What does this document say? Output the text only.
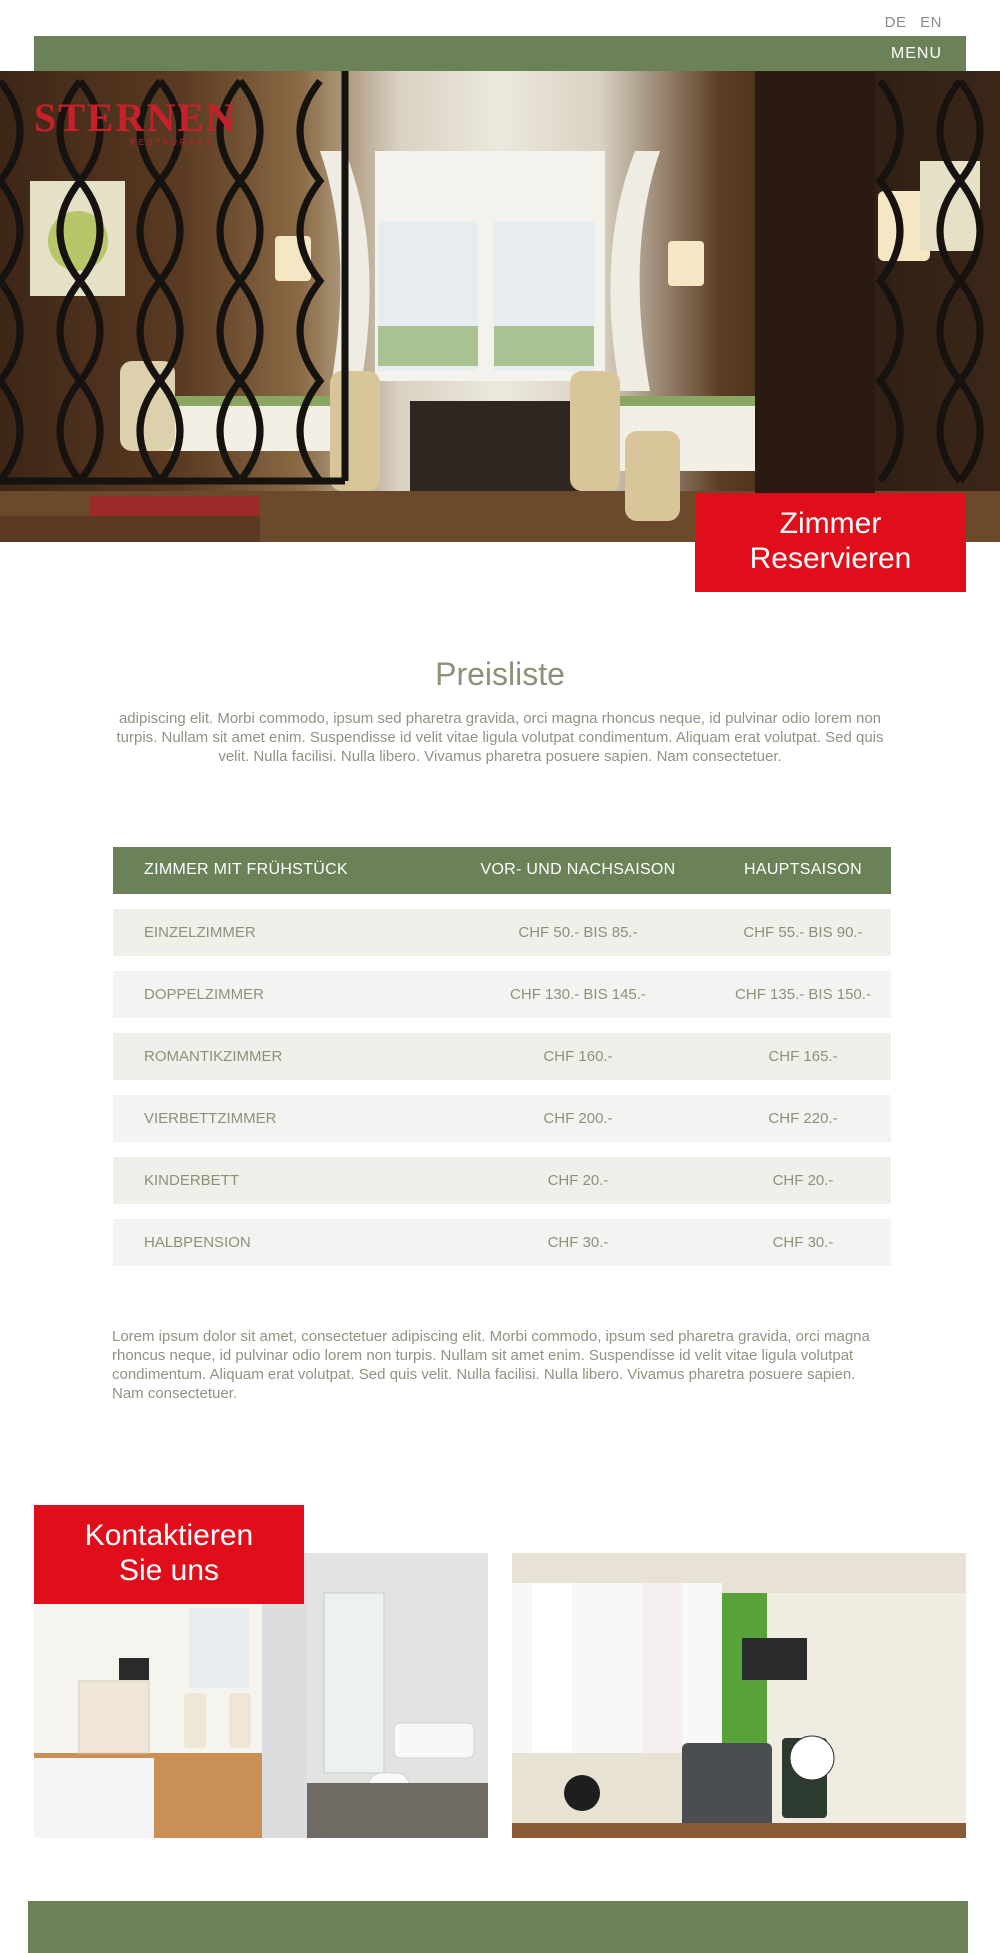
DE EN
MENU
STERNEN
RESTAURANT
Zimmer
Reservieren
Preisliste

adipiscing elit. Morbi commodo, ipsum sed pharetra gravida, orci magna rhoncus neque, id pulvinar odio lorem non turpis. Nullam sit amet enim. Suspendisse id velit vitae ligula volutpat condimentum. Aliquam erat volutpat. Sed quis velit. Nulla facilisi. Nulla libero. Vivamus pharetra posuere sapien. Nam consectetuer.

ZIMMER MIT FRÜHSTÜCK	VOR- UND NACHSAISON	HAUPTSAISON
EINZELZIMMER	CHF 50.- BIS 85.-	CHF 55.- BIS 90.-
DOPPELZIMMER	CHF 130.- BIS 145.-	CHF 135.- BIS 150.-
ROMANTIKZIMMER	CHF 160.-	CHF 165.-
VIERBETTZIMMER	CHF 200.-	CHF 220.-
KINDERBETT	CHF 20.-	CHF 20.-
HALBPENSION	CHF 30.-	CHF 30.-

Lorem ipsum dolor sit amet, consectetuer adipiscing elit. Morbi commodo, ipsum sed pharetra gravida, orci magna rhoncus neque, id pulvinar odio lorem non turpis. Nullam sit amet enim. Suspendisse id velit vitae ligula volutpat condimentum. Aliquam erat volutpat. Sed quis velit. Nulla facilisi. Nulla libero. Vivamus pharetra posuere sapien. Nam consectetuer.

Kontaktieren
Sie uns
